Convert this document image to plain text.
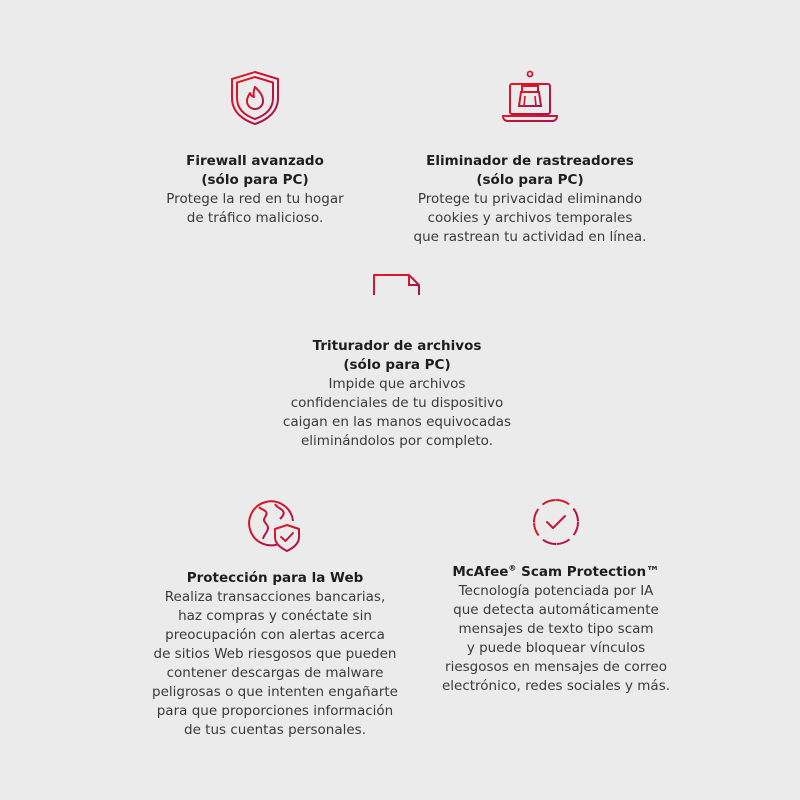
Firewall avanzado
(sólo para PC)
Protege la red en tu hogar
de tráfico malicioso.
Eliminador de rastreadores
(sólo para PC)
Protege tu privacidad eliminando
cookies y archivos temporales
que rastrean tu actividad en línea.
Triturador de archivos
(sólo para PC)
Impide que archivos
confidenciales de tu dispositivo
caigan en las manos equivocadas
eliminándolos por completo.
Protección para la Web
Realiza transacciones bancarias,
haz compras y conéctate sin
preocupación con alertas acerca
de sitios Web riesgosos que pueden
contener descargas de malware
peligrosas o que intenten engañarte
para que proporciones información
de tus cuentas personales.
McAfee® Scam Protection™
Tecnología potenciada por IA
que detecta automáticamente
mensajes de texto tipo scam
y puede bloquear vínculos
riesgosos en mensajes de correo
electrónico, redes sociales y más.
